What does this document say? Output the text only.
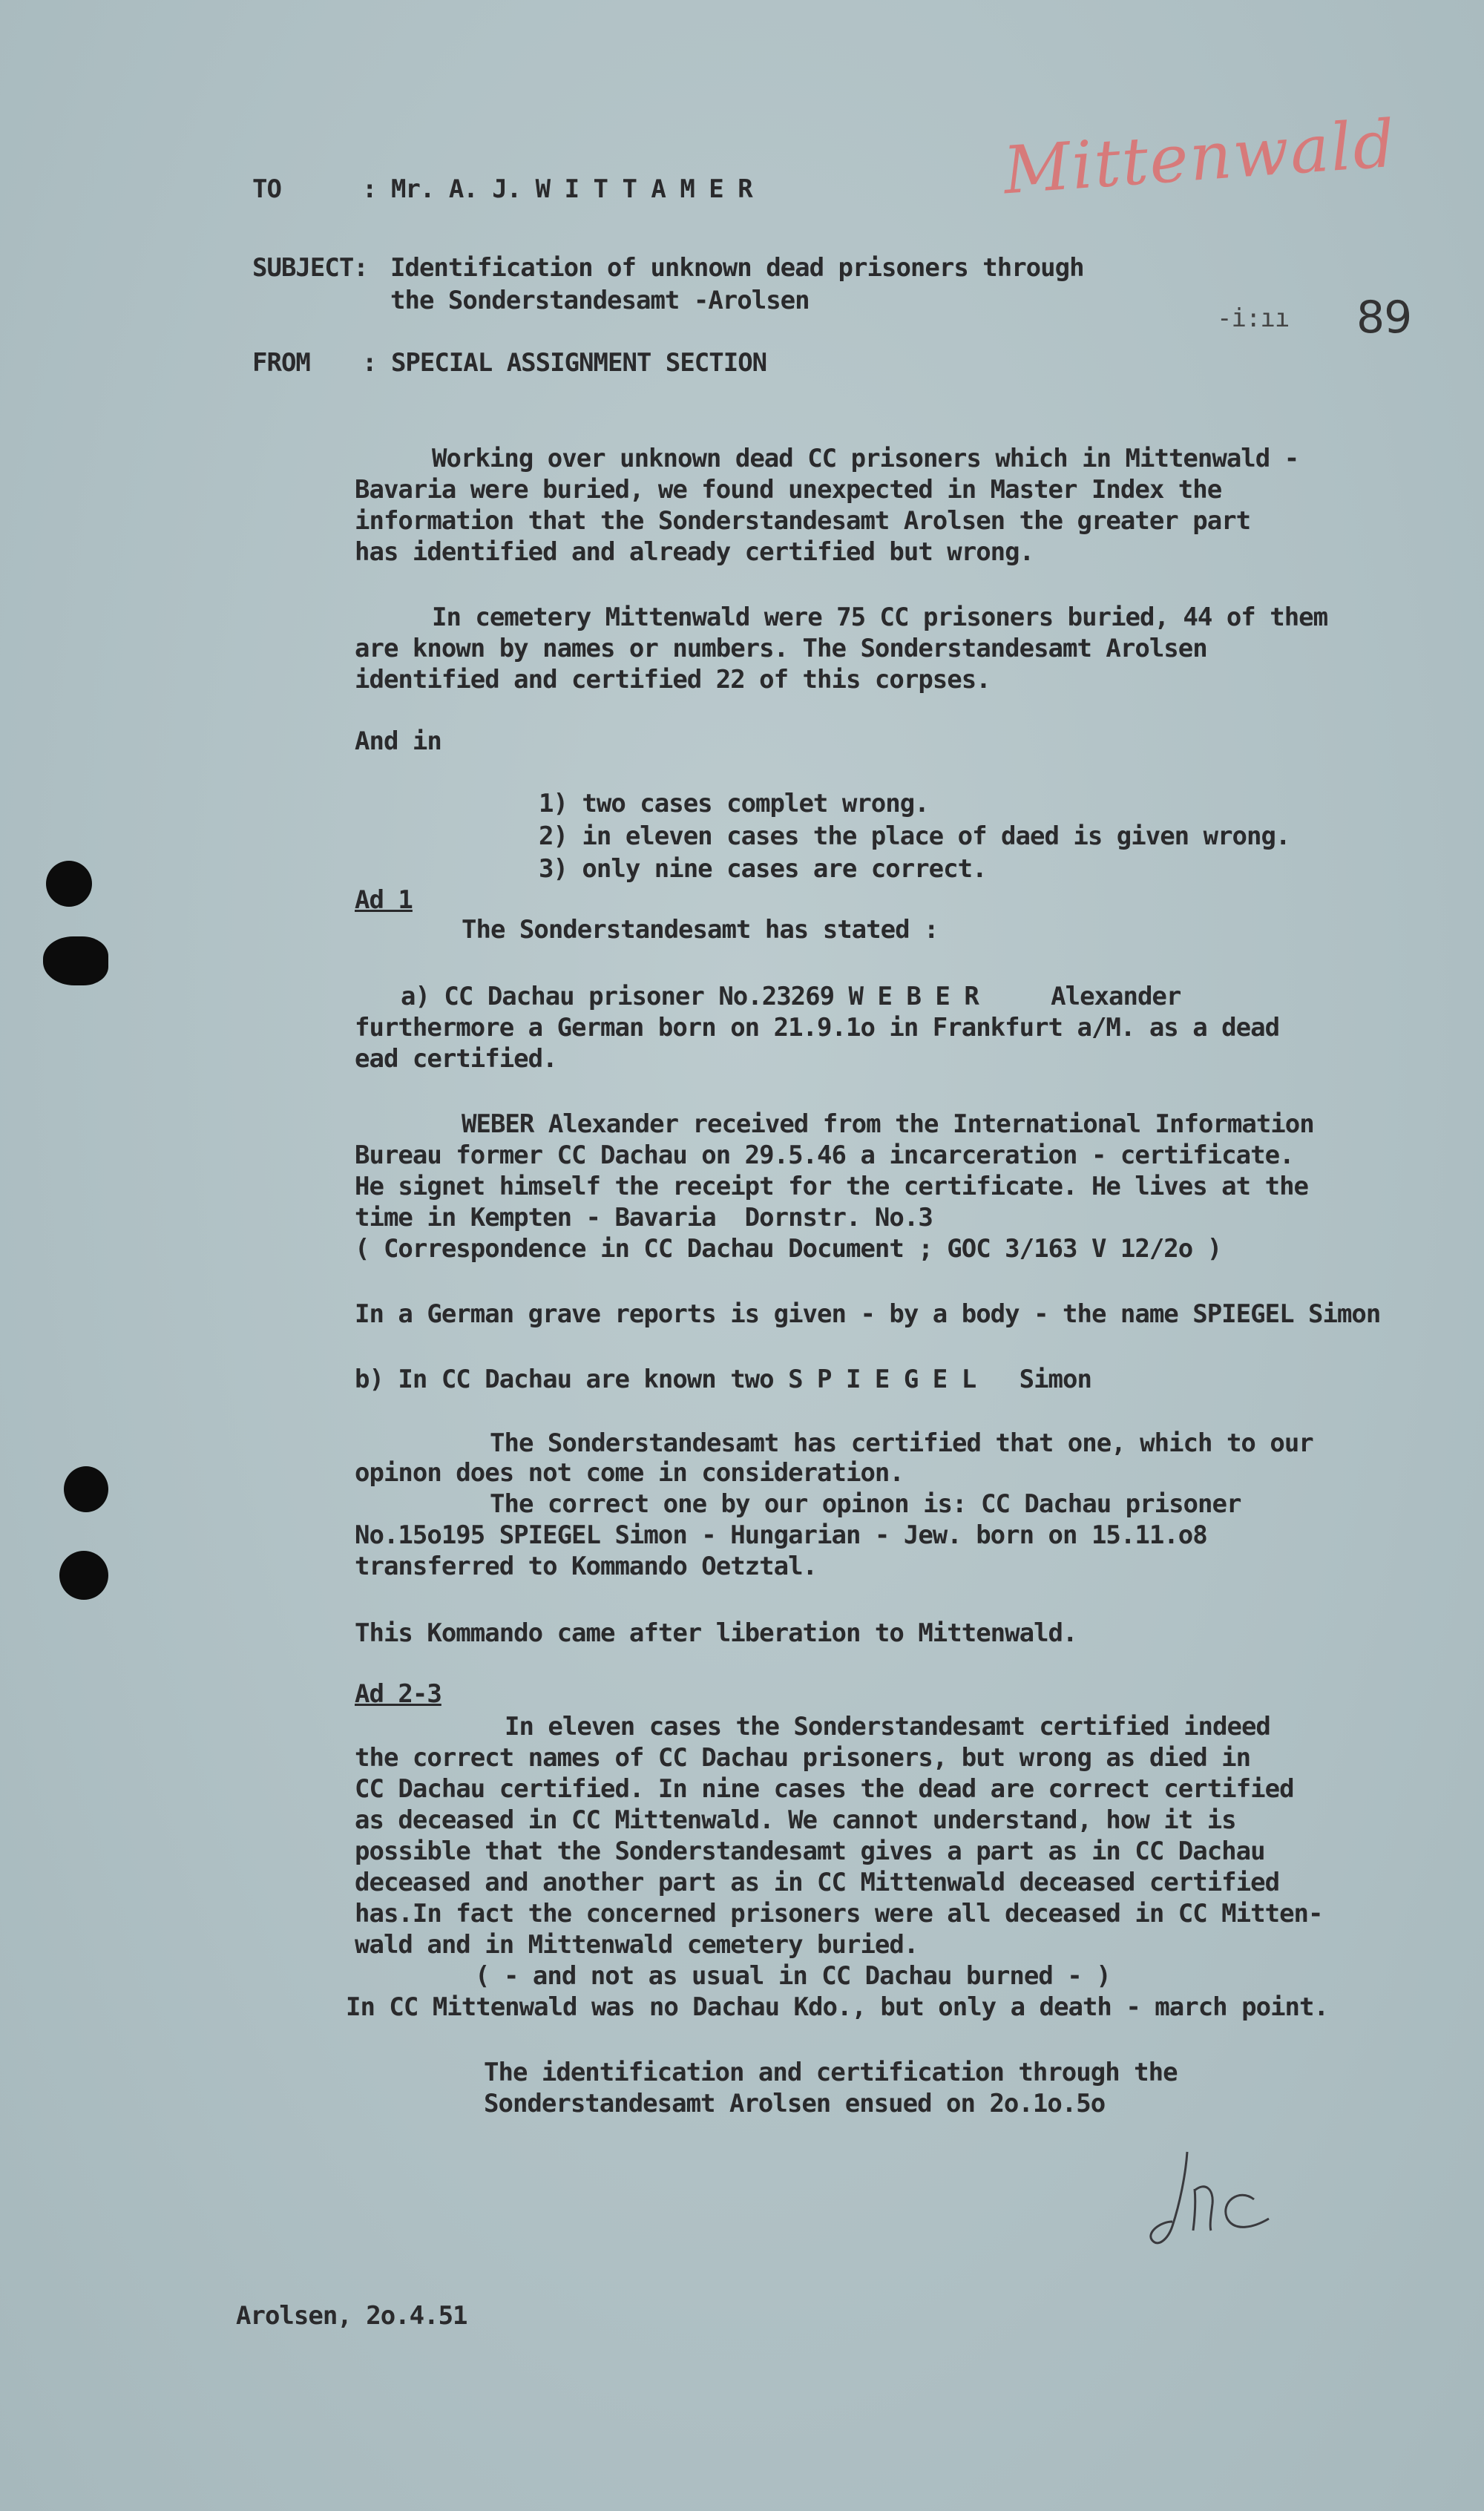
Mittenwald
-i:ıı 89
TO	: Mr. A. J. W I T T A M E R
SUBJECT: Identification of unknown dead prisoners through
the Sonderstandesamt -Arolsen
FROM : SPECIAL ASSIGNMENT SECTION
Working over unknown dead CC prisoners which in Mittenwald -
Bavaria were buried, we found unexpected in Master Index the
information that the Sonderstandesamt Arolsen the greater part
has identified and already certified but wrong.
In cemetery Mittenwald were 75 CC prisoners buried, 44 of them
are known by names or numbers. The Sonderstandesamt Arolsen
identified and certified 22 of this corpses.
And in
1) two cases complet wrong.
2) in eleven cases the place of daed is given wrong.
3) only nine cases are correct.
Ad 1
The Sonderstandesamt has stated :
a) CC Dachau prisoner No.23269 W E B E R     Alexander
furthermore a German born on 21.9.1o in Frankfurt a/M. as a dead
ead certified.
WEBER Alexander received from the International Information
Bureau former CC Dachau on 29.5.46 a incarceration - certificate.
He signet himself the receipt for the certificate. He lives at the
time in Kempten - Bavaria  Dornstr. No.3
( Correspondence in CC Dachau Document ; GOC 3/163 V 12/2o )
In a German grave reports is given - by a body - the name SPIEGEL Simon
b) In CC Dachau are known two S P I E G E L   Simon
The Sonderstandesamt has certified that one, which to our
opinon does not come in consideration.
The correct one by our opinon is: CC Dachau prisoner
No.15o195 SPIEGEL Simon - Hungarian - Jew. born on 15.11.o8
transferred to Kommando Oetztal.
This Kommando came after liberation to Mittenwald.
Ad 2-3
In eleven cases the Sonderstandesamt certified indeed
the correct names of CC Dachau prisoners, but wrong as died in
CC Dachau certified. In nine cases the dead are correct certified
as deceased in CC Mittenwald. We cannot understand, how it is
possible that the Sonderstandesamt gives a part as in CC Dachau
deceased and another part as in CC Mittenwald deceased certified
has.In fact the concerned prisoners were all deceased in CC Mitten-
wald and in Mittenwald cemetery buried.
( - and not as usual in CC Dachau burned - )
In CC Mittenwald was no Dachau Kdo., but only a death - march point.
The identification and certification through the
Sonderstandesamt Arolsen ensued on 2o.1o.5o
Arolsen, 2o.4.51
